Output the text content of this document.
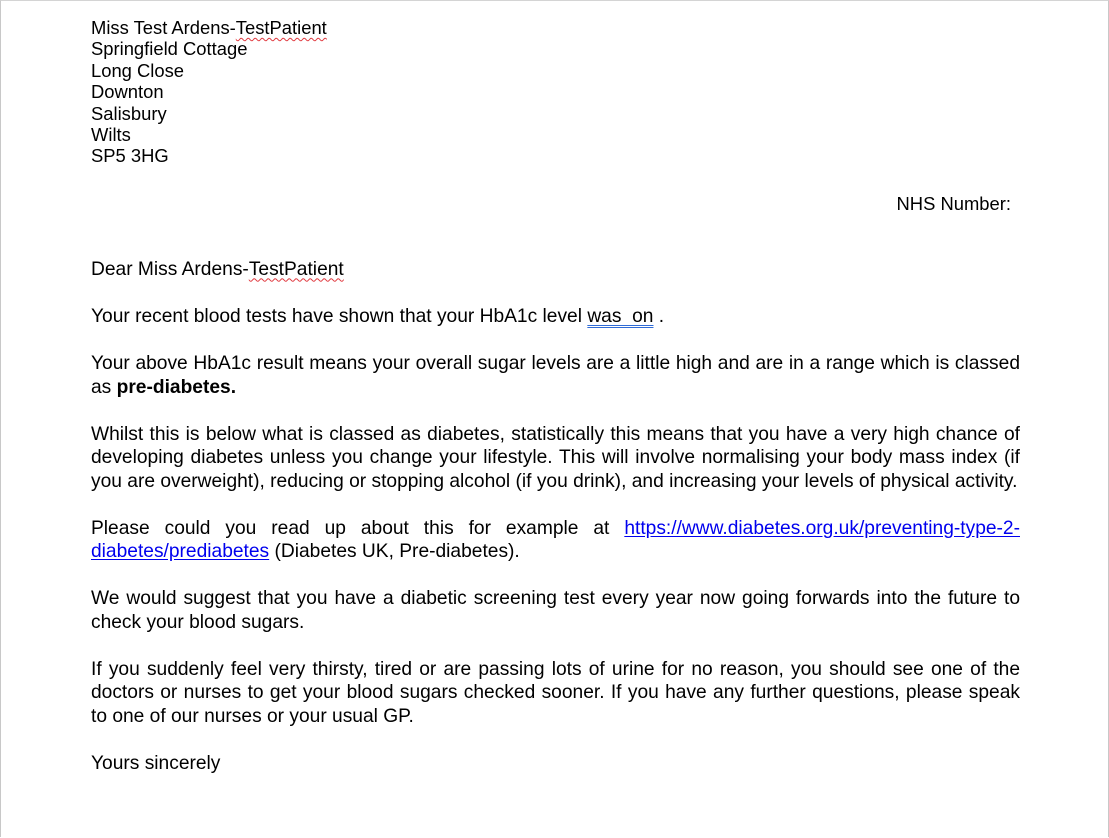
Miss Test Ardens-TestPatient
Springfield Cottage
Long Close
Downton
Salisbury
Wilts
SP5 3HG
NHS Number:

Dear Miss Ardens-TestPatient

Your recent blood tests have shown that your HbA1c level was  on .

Your above HbA1c result means your overall sugar levels are a little high and are in a range which is classed as pre-diabetes.

Whilst this is below what is classed as diabetes, statistically this means that you have a very high chance of developing diabetes unless you change your lifestyle. This will involve normalising your body mass index (if you are overweight), reducing or stopping alcohol (if you drink), and increasing your levels of physical activity.

Please could you read up about this for example at https://www.diabetes.org.uk/preventing-type-2-diabetes/prediabetes (Diabetes UK, Pre-diabetes).

We would suggest that you have a diabetic screening test every year now going forwards into the future to check your blood sugars.

If you suddenly feel very thirsty, tired or are passing lots of urine for no reason, you should see one of the doctors or nurses to get your blood sugars checked sooner. If you have any further questions, please speak to one of our nurses or your usual GP.

Yours sincerely
